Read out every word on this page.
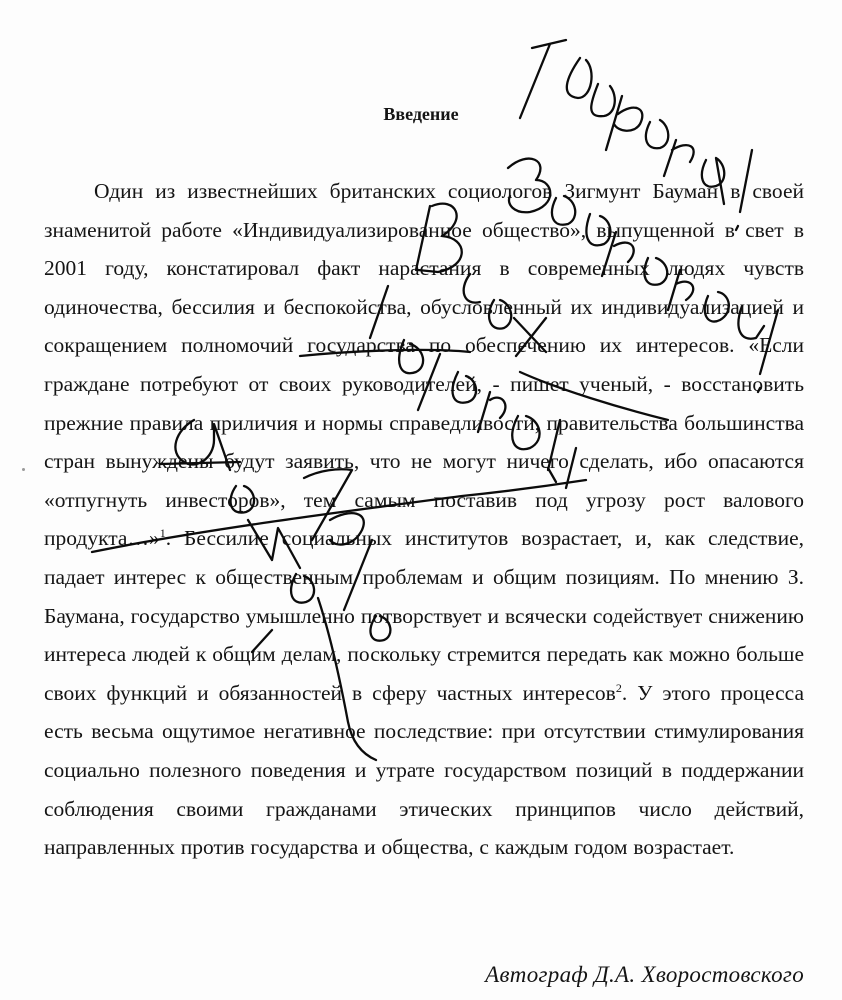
Введение

Один из известнейших британских социологов Зигмунт Бауман в своей знаменитой работе «Индивидуализированное общество», выпущенной в свет в 2001 году, констатировал факт нарастания в современных людях чувств одиночества, бессилия и беспокойства, обусловленный их индивидуализацией и сокращением полномочий государства по обеспечению их интересов. «Если граждане потребуют от своих руководителей, - пишет ученый, - восстановить прежние правила приличия и нормы справедливости, правительства большинства стран вынуждены будут заявить, что не могут ничего сделать, ибо опасаются «отпугнуть инвесторов», тем самым поставив под угрозу рост валового продукта…»$^1$. Бессилие социальных институтов возрастает, и, как следствие, падает интерес к общественным проблемам и общим позициям. По мнению З. Баумана, государство умышленно потворствует и всячески содействует снижению интереса людей к общим делам, поскольку стремится передать как можно больше своих функций и обязанностей в сферу частных интересов$^2$. У этого процесса есть весьма ощутимое негативное последствие: при отсутствии стимулирования социально полезного поведения и утрате государством позиций в поддержании соблюдения своими гражданами этических принципов число действий, направленных против государства и общества, с каждым годом возрастает.

Автограф Д.А. Хворостовского
